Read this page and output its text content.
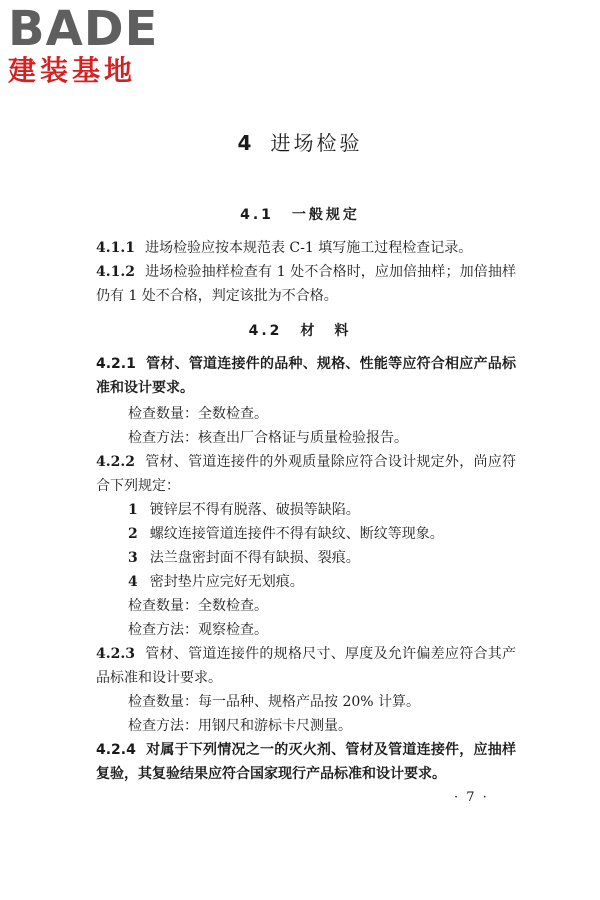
BADE
建装基地
4 进场检验
4.1 一般规定

4.1.1 进场检验应按本规范表 C-1 填写施工过程检查记录。

4.1.2 进场检验抽样检查有 1 处不合格时，应加倍抽样；加倍抽样仍有 1 处不合格，判定该批为不合格。

4.2 材　料

4.2.1 管材、管道连接件的品种、规格、性能等应符合相应产品标准和设计要求。

检查数量：全数检查。

检查方法：核查出厂合格证与质量检验报告。

4.2.2 管材、管道连接件的外观质量除应符合设计规定外，尚应符合下列规定：

1 镀锌层不得有脱落、破损等缺陷。

2 螺纹连接管道连接件不得有缺纹、断纹等现象。

3 法兰盘密封面不得有缺损、裂痕。

4 密封垫片应完好无划痕。

检查数量：全数检查。

检查方法：观察检查。

4.2.3 管材、管道连接件的规格尺寸、厚度及允许偏差应符合其产品标准和设计要求。

检查数量：每一品种、规格产品按 20% 计算。

检查方法：用钢尺和游标卡尺测量。

4.2.4 对属于下列情况之一的灭火剂、管材及管道连接件，应抽样复验，其复验结果应符合国家现行产品标准和设计要求。

· 7 ·
